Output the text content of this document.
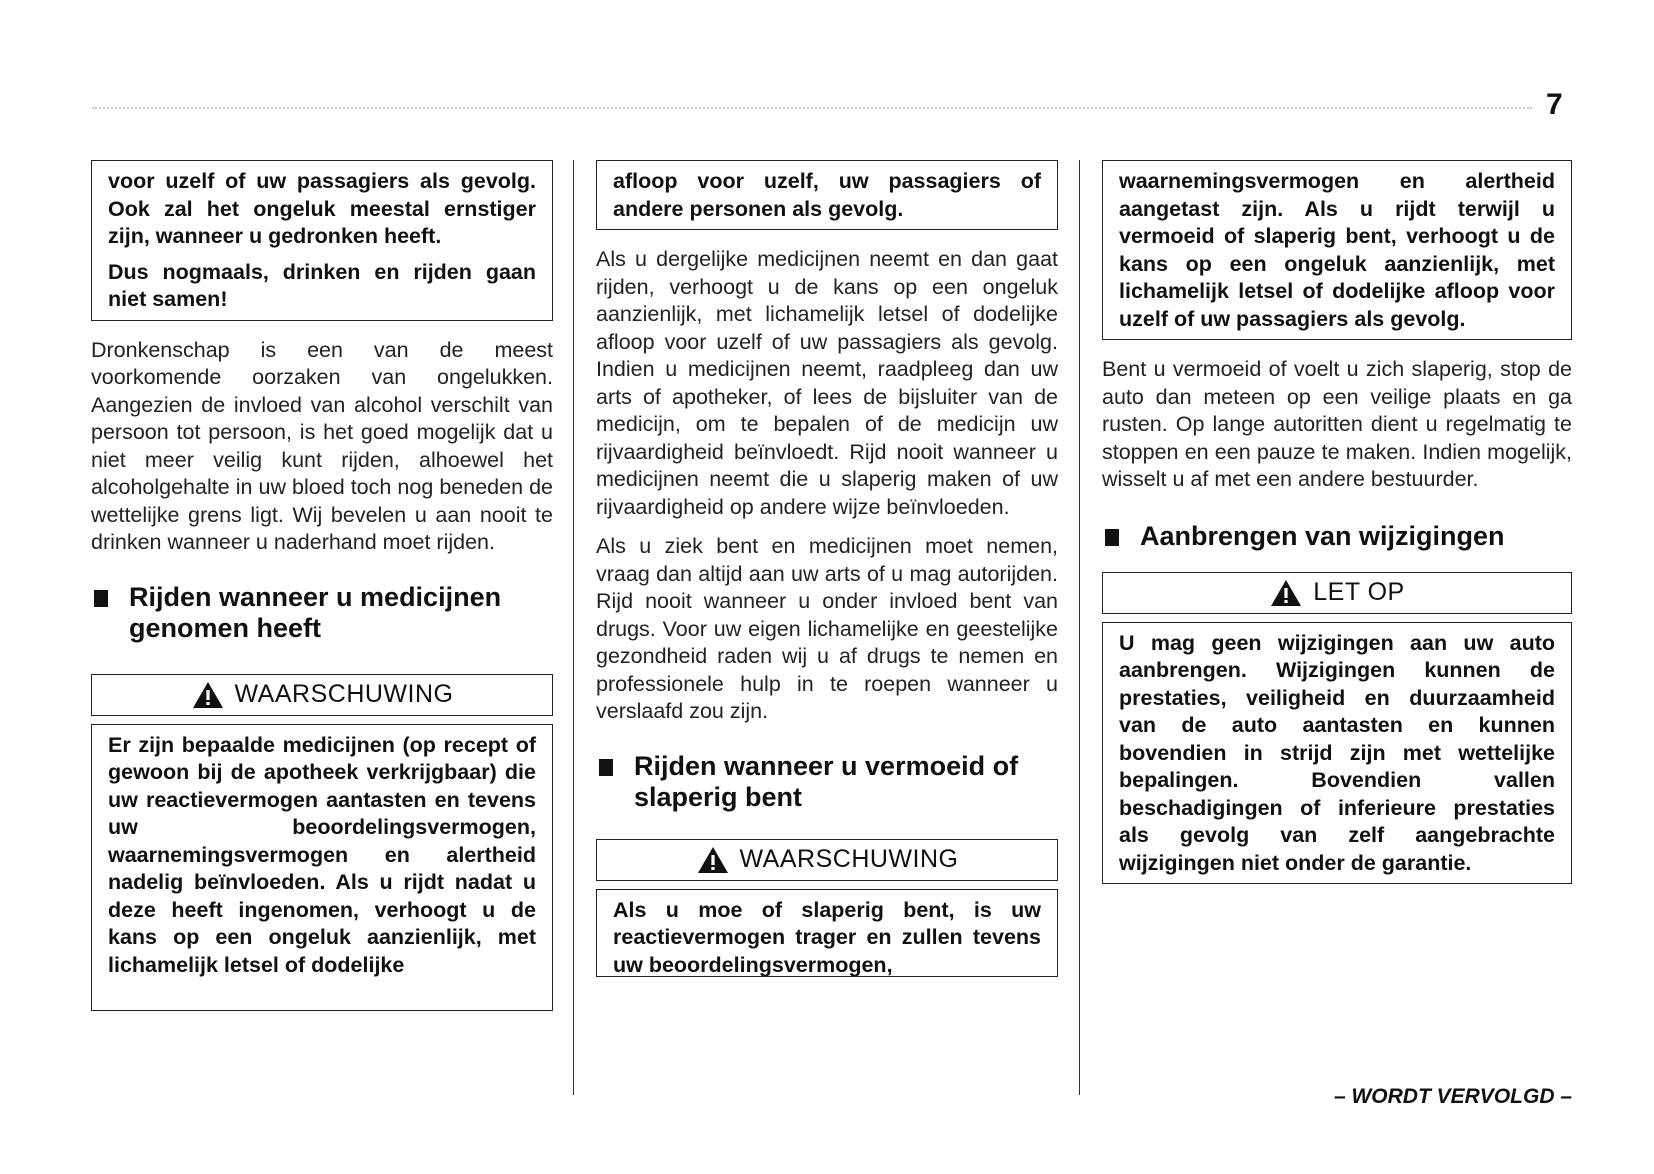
7

voor uzelf of uw passagiers als gevolg. Ook zal het ongeluk meestal ernstiger zijn, wanneer u gedronken heeft.

Dus nogmaals, drinken en rijden gaan niet samen!

Dronkenschap is een van de meest voorkomende oorzaken van ongelukken. Aangezien de invloed van alcohol verschilt van persoon tot persoon, is het goed mogelijk dat u niet meer veilig kunt rijden, alhoewel het alcoholgehalte in uw bloed toch nog beneden de wettelijke grens ligt. Wij bevelen u aan nooit te drinken wanneer u naderhand moet rijden.

Rijden wanneer u medicijnen genomen heeft
WAARSCHUWING

Er zijn bepaalde medicijnen (op recept of gewoon bij de apotheek verkrijgbaar) die uw reactievermogen aantasten en tevens uw beoordelingsvermogen, waarnemingsvermogen en alertheid nadelig beïnvloeden. Als u rijdt nadat u deze heeft ingenomen, verhoogt u de kans op een ongeluk aanzienlijk, met lichamelijk letsel of dodelijke

afloop voor uzelf, uw passagiers of andere personen als gevolg.

Als u dergelijke medicijnen neemt en dan gaat rijden, verhoogt u de kans op een ongeluk aanzienlijk, met lichamelijk letsel of dodelijke afloop voor uzelf of uw passagiers als gevolg. Indien u medicijnen neemt, raadpleeg dan uw arts of apotheker, of lees de bijsluiter van de medicijn, om te bepalen of de medicijn uw rijvaardigheid beïnvloedt. Rijd nooit wanneer u medicijnen neemt die u slaperig maken of uw rijvaardigheid op andere wijze beïnvloeden.

Als u ziek bent en medicijnen moet nemen, vraag dan altijd aan uw arts of u mag autorijden. Rijd nooit wanneer u onder invloed bent van drugs. Voor uw eigen lichamelijke en geestelijke gezondheid raden wij u af drugs te nemen en professionele hulp in te roepen wanneer u verslaafd zou zijn.

Rijden wanneer u vermoeid of slaperig bent
WAARSCHUWING

Als u moe of slaperig bent, is uw reactievermogen trager en zullen tevens uw beoordelingsvermogen,

waarnemingsvermogen en alertheid aangetast zijn. Als u rijdt terwijl u vermoeid of slaperig bent, verhoogt u de kans op een ongeluk aanzienlijk, met lichamelijk letsel of dodelijke afloop voor uzelf of uw passagiers als gevolg.

Bent u vermoeid of voelt u zich slaperig, stop de auto dan meteen op een veilige plaats en ga rusten. Op lange autoritten dient u regelmatig te stoppen en een pauze te maken. Indien mogelijk, wisselt u af met een andere bestuurder.

Aanbrengen van wijzigingen
LET OP

U mag geen wijzigingen aan uw auto aanbrengen. Wijzigingen kunnen de prestaties, veiligheid en duurzaamheid van de auto aantasten en kunnen bovendien in strijd zijn met wettelijke bepalingen. Bovendien vallen beschadigingen of inferieure prestaties als gevolg van zelf aangebrachte wijzigingen niet onder de garantie.

– WORDT VERVOLGD –
